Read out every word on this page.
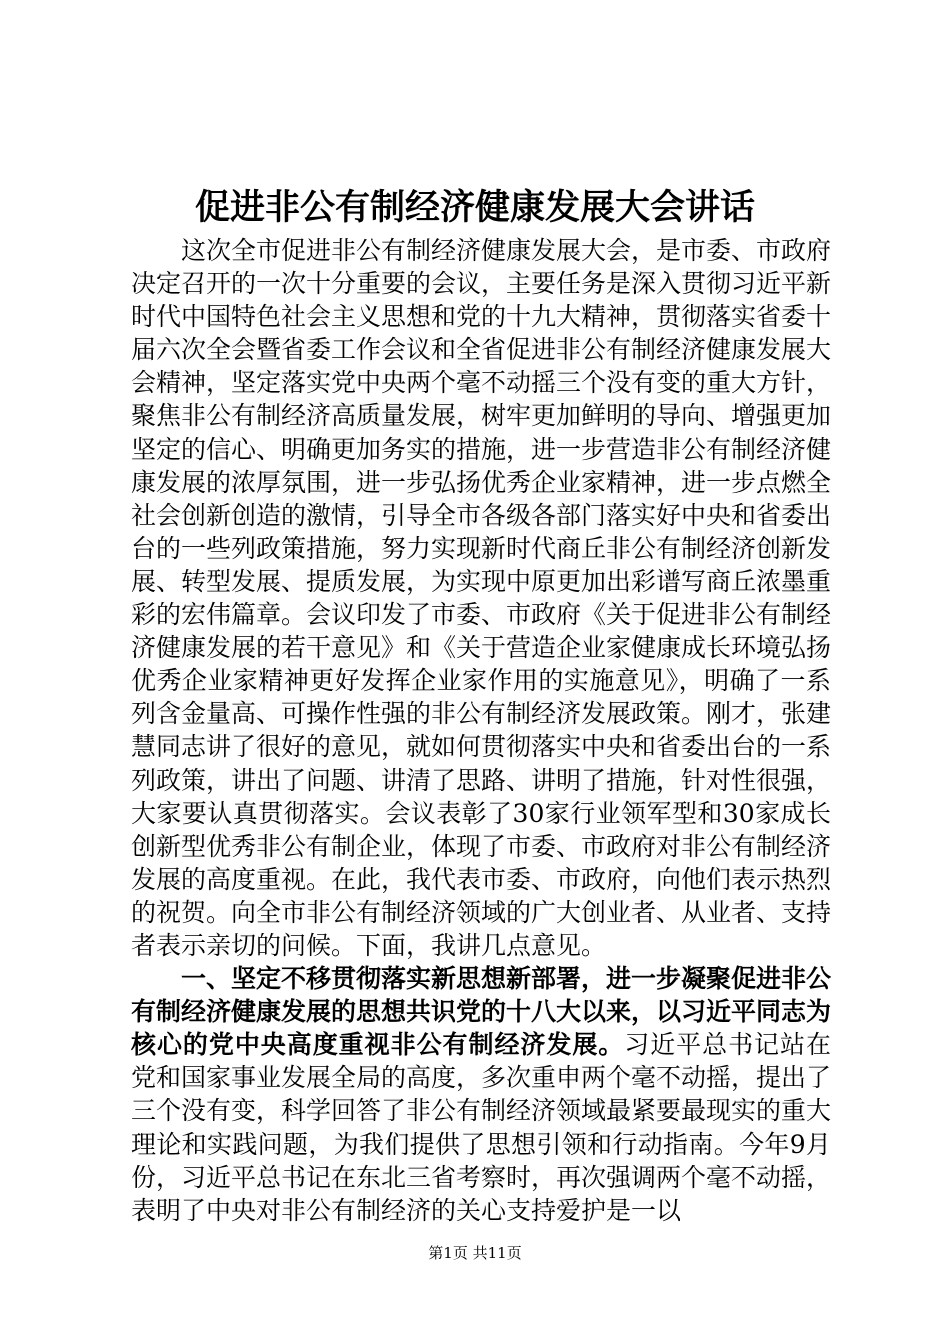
促进非公有制经济健康发展大会讲话

这次全市促进非公有制经济健康发展大会，是市委、市政府决定召开的一次十分重要的会议，主要任务是深入贯彻习近平新时代中国特色社会主义思想和党的十九大精神，贯彻落实省委十届六次全会暨省委工作会议和全省促进非公有制经济健康发展大会精神，坚定落实党中央两个毫不动摇三个没有变的重大方针，聚焦非公有制经济高质量发展，树牢更加鲜明的导向、增强更加坚定的信心、明确更加务实的措施，进一步营造非公有制经济健康发展的浓厚氛围，进一步弘扬优秀企业家精神，进一步点燃全社会创新创造的激情，引导全市各级各部门落实好中央和省委出台的一些列政策措施，努力实现新时代商丘非公有制经济创新发展、转型发展、提质发展，为实现中原更加出彩谱写商丘浓墨重彩的宏伟篇章。会议印发了市委、市政府《关于促进非公有制经济健康发展的若干意见》和《关于营造企业家健康成长环境弘扬优秀企业家精神更好发挥企业家作用的实施意见》，明确了一系列含金量高、可操作性强的非公有制经济发展政策。刚才，张建慧同志讲了很好的意见，就如何贯彻落实中央和省委出台的一系列政策，讲出了问题、讲清了思路、讲明了措施，针对性很强，大家要认真贯彻落实。会议表彰了30家行业领军型和30家成长创新型优秀非公有制企业，体现了市委、市政府对非公有制经济发展的高度重视。在此，我代表市委、市政府，向他们表示热烈的祝贺。向全市非公有制经济领域的广大创业者、从业者、支持者表示亲切的问候。下面，我讲几点意见。

一、坚定不移贯彻落实新思想新部署，进一步凝聚促进非公有制经济健康发展的思想共识党的十八大以来，以习近平同志为核心的党中央高度重视非公有制经济发展。习近平总书记站在党和国家事业发展全局的高度，多次重申两个毫不动摇，提出了三个没有变，科学回答了非公有制经济领域最紧要最现实的重大理论和实践问题，为我们提供了思想引领和行动指南。今年9月份，习近平总书记在东北三省考察时，再次强调两个毫不动摇，表明了中央对非公有制经济的关心支持爱护是一以

第1页 共11页
